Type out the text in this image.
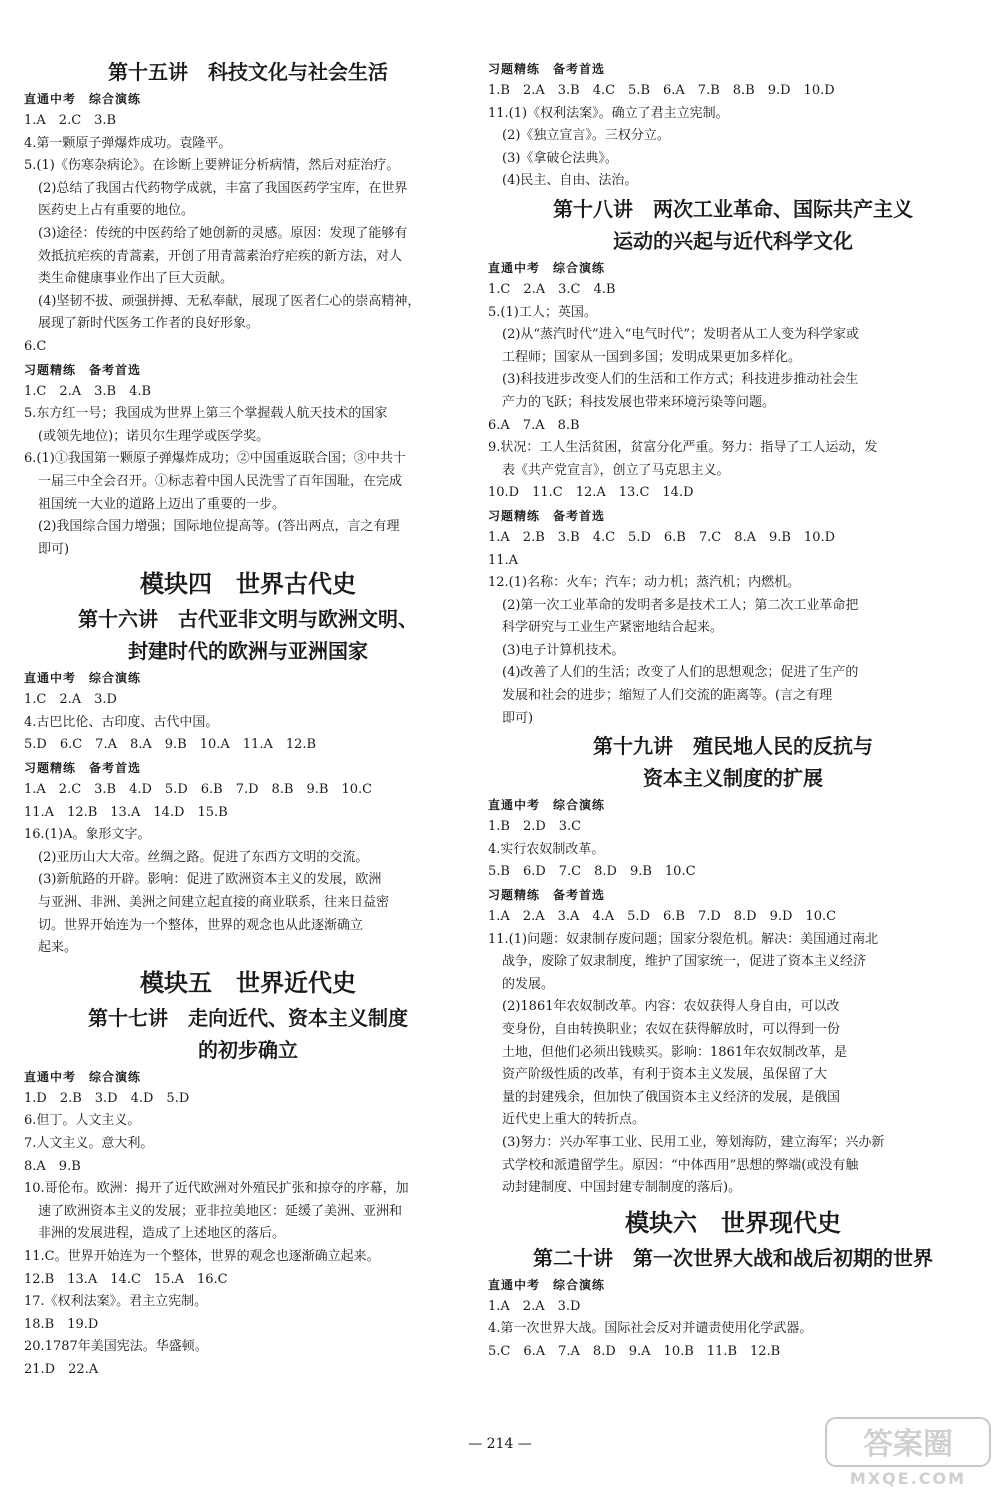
第十五讲　科技文化与社会生活
直通中考　综合演练
1.A　2.C　3.B
4.第一颗原子弹爆炸成功。袁隆平。
5.(1)《伤寒杂病论》。在诊断上要辨证分析病情，然后对症治疗。
(2)总结了我国古代药物学成就，丰富了我国医药学宝库，在世界
医药史上占有重要的地位。
(3)途径：传统的中医药给了她创新的灵感。原因：发现了能够有
效抵抗疟疾的青蒿素，开创了用青蒿素治疗疟疾的新方法，对人
类生命健康事业作出了巨大贡献。
(4)坚韧不拔、顽强拼搏、无私奉献，展现了医者仁心的崇高精神，
展现了新时代医务工作者的良好形象。
6.C
习题精练　备考首选
1.C　2.A　3.B　4.B
5.东方红一号；我国成为世界上第三个掌握载人航天技术的国家
(或领先地位)；诺贝尔生理学或医学奖。
6.(1)①我国第一颗原子弹爆炸成功；②中国重返联合国；③中共十
一届三中全会召开。①标志着中国人民洗雪了百年国耻，在完成
祖国统一大业的道路上迈出了重要的一步。
(2)我国综合国力增强；国际地位提高等。(答出两点，言之有理
即可)
模块四　世界古代史
第十六讲　古代亚非文明与欧洲文明、
封建时代的欧洲与亚洲国家
直通中考　综合演练
1.C　2.A　3.D
4.古巴比伦、古印度、古代中国。
5.D　6.C　7.A　8.A　9.B　10.A　11.A　12.B
习题精练　备考首选
1.A　2.C　3.B　4.D　5.D　6.B　7.D　8.B　9.B　10.C
11.A　12.B　13.A　14.D　15.B
16.(1)A。象形文字。
(2)亚历山大大帝。丝绸之路。促进了东西方文明的交流。
(3)新航路的开辟。影响：促进了欧洲资本主义的发展，欧洲
与亚洲、非洲、美洲之间建立起直接的商业联系，往来日益密
切。世界开始连为一个整体，世界的观念也从此逐渐确立
起来。
模块五　世界近代史
第十七讲　走向近代、资本主义制度
的初步确立
直通中考　综合演练
1.D　2.B　3.D　4.D　5.D
6.但丁。人文主义。
7.人文主义。意大利。
8.A　9.B
10.哥伦布。欧洲：揭开了近代欧洲对外殖民扩张和掠夺的序幕，加
速了欧洲资本主义的发展；亚非拉美地区：延缓了美洲、亚洲和
非洲的发展进程，造成了上述地区的落后。
11.C。世界开始连为一个整体，世界的观念也逐渐确立起来。
12.B　13.A　14.C　15.A　16.C
17.《权利法案》。君主立宪制。
18.B　19.D
20.1787年美国宪法。华盛顿。
21.D　22.A
习题精练　备考首选
1.B　2.A　3.B　4.C　5.B　6.A　7.B　8.B　9.D　10.D
11.(1)《权利法案》。确立了君主立宪制。
(2)《独立宣言》。三权分立。
(3)《拿破仑法典》。
(4)民主、自由、法治。
第十八讲　两次工业革命、国际共产主义
运动的兴起与近代科学文化
直通中考　综合演练
1.C　2.A　3.C　4.B
5.(1)工人；英国。
(2)从“蒸汽时代”进入“电气时代”；发明者从工人变为科学家或
工程师；国家从一国到多国；发明成果更加多样化。
(3)科技进步改变人们的生活和工作方式；科技进步推动社会生
产力的飞跃；科技发展也带来环境污染等问题。
6.A　7.A　8.B
9.状况：工人生活贫困，贫富分化严重。努力：指导了工人运动，发
表《共产党宣言》，创立了马克思主义。
10.D　11.C　12.A　13.C　14.D
习题精练　备考首选
1.A　2.B　3.B　4.C　5.D　6.B　7.C　8.A　9.B　10.D
11.A
12.(1)名称：火车；汽车；动力机；蒸汽机；内燃机。
(2)第一次工业革命的发明者多是技术工人；第二次工业革命把
科学研究与工业生产紧密地结合起来。
(3)电子计算机技术。
(4)改善了人们的生活；改变了人们的思想观念；促进了生产的
发展和社会的进步；缩短了人们交流的距离等。(言之有理
即可)
第十九讲　殖民地人民的反抗与
资本主义制度的扩展
直通中考　综合演练
1.B　2.D　3.C
4.实行农奴制改革。
5.B　6.D　7.C　8.D　9.B　10.C
习题精练　备考首选
1.A　2.A　3.A　4.A　5.D　6.B　7.D　8.D　9.D　10.C
11.(1)问题：奴隶制存废问题；国家分裂危机。解决：美国通过南北
战争，废除了奴隶制度，维护了国家统一，促进了资本主义经济
的发展。
(2)1861年农奴制改革。内容：农奴获得人身自由，可以改
变身份，自由转换职业；农奴在获得解放时，可以得到一份
土地，但他们必须出钱赎买。影响：1861年农奴制改革，是
资产阶级性质的改革，有利于资本主义发展，虽保留了大
量的封建残余，但加快了俄国资本主义经济的发展，是俄国
近代史上重大的转折点。
(3)努力：兴办军事工业、民用工业，筹划海防，建立海军；兴办新
式学校和派遣留学生。原因：“中体西用”思想的弊端(或没有触
动封建制度、中国封建专制制度的落后)。
模块六　世界现代史
第二十讲　第一次世界大战和战后初期的世界
直通中考　综合演练
1.A　2.A　3.D
4.第一次世界大战。国际社会反对并谴责使用化学武器。
5.C　6.A　7.A　8.D　9.A　10.B　11.B　12.B
— 214 —	答案圈
MXQE.COM
